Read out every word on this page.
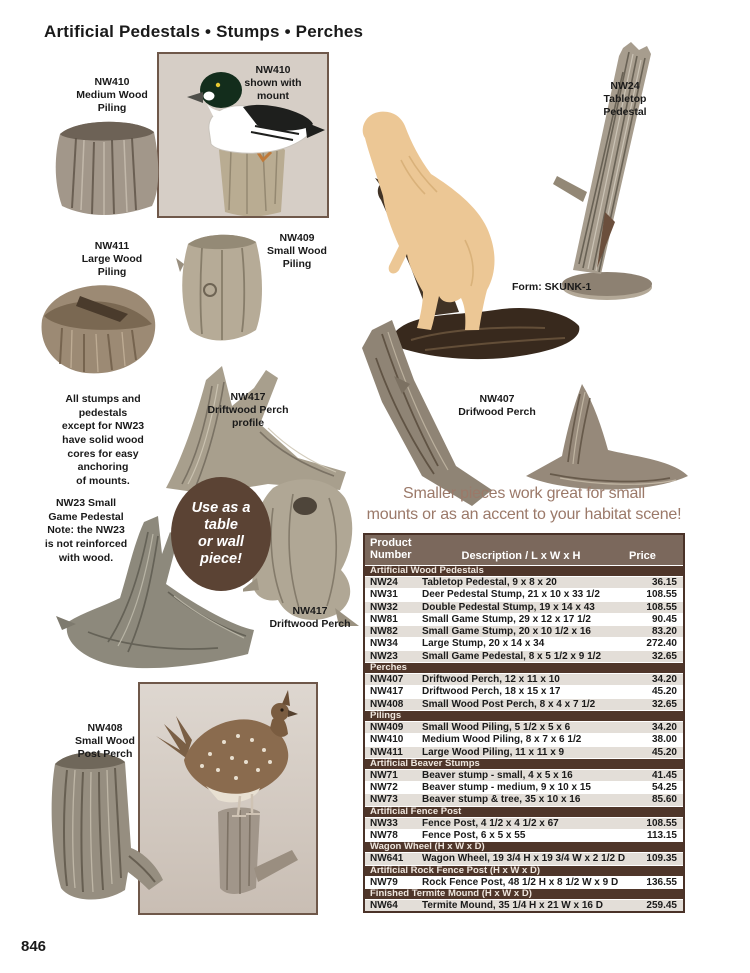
Artificial Pedestals • Stumps • Perches
NW410
shown with
mount
NW410
Medium Wood
Piling
NW24
Tabletop
Pedestal
Form: SKUNK-1
NW411
Large Wood
Piling
NW409
Small Wood
Piling
All stumps and
pedestals
except for NW23
have solid wood
cores for easy
anchoring
of mounts.
NW417
Driftwood Perch
profile
NW23 Small
Game Pedestal
Note: the NW23
is not reinforced
with wood.
Use as a
table
or wall
piece!
NW417
Driftwood Perch
NW407
Drifwood Perch
Smaller pieces work great for small
mounts or as an accent to your habitat scene!
NW408
Small Wood
Post Perch
Product
Number	Description / L x W x H	Price
Artificial Wood Pedestals
NW24	Tabletop Pedestal, 9 x 8 x 20	36.15
NW31	Deer Pedestal Stump, 21 x 10 x 33 1/2	108.55
NW32	Double Pedestal Stump, 19 x 14 x 43	108.55
NW81	Small Game Stump, 29 x 12 x 17 1/2	90.45
NW82	Small Game Stump, 20 x 10 1/2 x 16	83.20
NW34	Large Stump, 20 x 14 x 34	272.40
NW23	Small Game Pedestal, 8 x 5 1/2 x 9 1/2	32.65
Perches
NW407	Driftwood Perch, 12 x 11 x 10	34.20
NW417	Driftwood Perch, 18 x 15 x 17	45.20
NW408	Small Wood Post Perch, 8 x 4 x 7 1/2	32.65
Pilings
NW409	Small Wood Piling, 5 1/2 x 5 x 6	34.20
NW410	Medium Wood Piling, 8 x 7 x 6 1/2	38.00
NW411	Large Wood Piling, 11 x 11 x 9	45.20
Artificial Beaver Stumps
NW71	Beaver stump - small, 4 x 5 x 16	41.45
NW72	Beaver stump - medium, 9 x 10 x 15	54.25
NW73	Beaver stump & tree, 35 x 10 x 16	85.60
Artificial Fence Post
NW33	Fence Post, 4 1/2 x 4 1/2 x 67	108.55
NW78	Fence Post, 6 x 5 x 55	113.15
Wagon Wheel (H x W x D)
NW641	Wagon Wheel, 19 3/4 H x 19 3/4 W x 2 1/2 D	109.35
Artificial Rock Fence Post (H x W x D)
NW79	Rock Fence Post, 48 1/2 H x 8 1/2 W x 9 D	136.55
Finished Termite Mound (H x W x D)
NW64	Termite Mound, 35 1/4 H x 21 W x 16 D	259.45
846
